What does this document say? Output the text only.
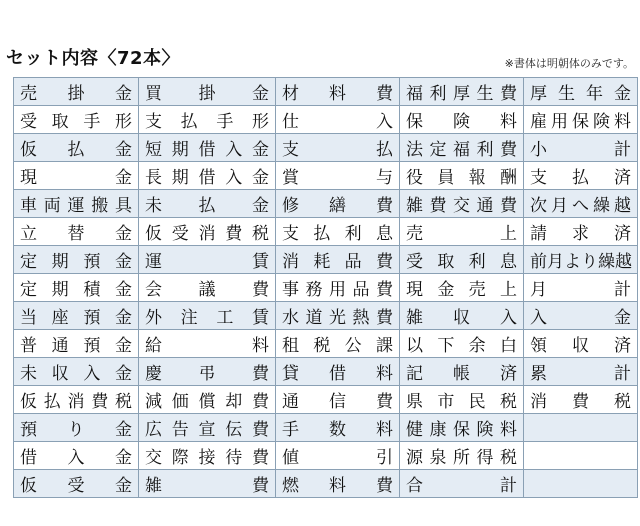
セット内容〈72本〉	※書体は明朝体のみです。
売掛金	買掛金	材料費	福利厚生費	厚生年金
受取手形	支払手形	仕入	保険料	雇用保険料
仮払金	短期借入金	支払	法定福利費	小計
現金	長期借入金	賞与	役員報酬	支払済
車両運搬具	未払金	修繕費	雑費交通費	次月へ繰越
立替金	仮受消費税	支払利息	売上	請求済
定期預金	運賃	消耗品費	受取利息	前月より繰越
定期積金	会議費	事務用品費	現金売上	月計
当座預金	外注工賃	水道光熱費	雑収入	入金
普通預金	給料	租税公課	以下余白	領収済
未収入金	慶弔費	貸借料	記帳済	累計
仮払消費税	減価償却費	通信費	県市民税	消費税
預り金	広告宣伝費	手数料	健康保険料	
借入金	交際接待費	値引	源泉所得税	
仮受金	雑費	燃料費	合計	
